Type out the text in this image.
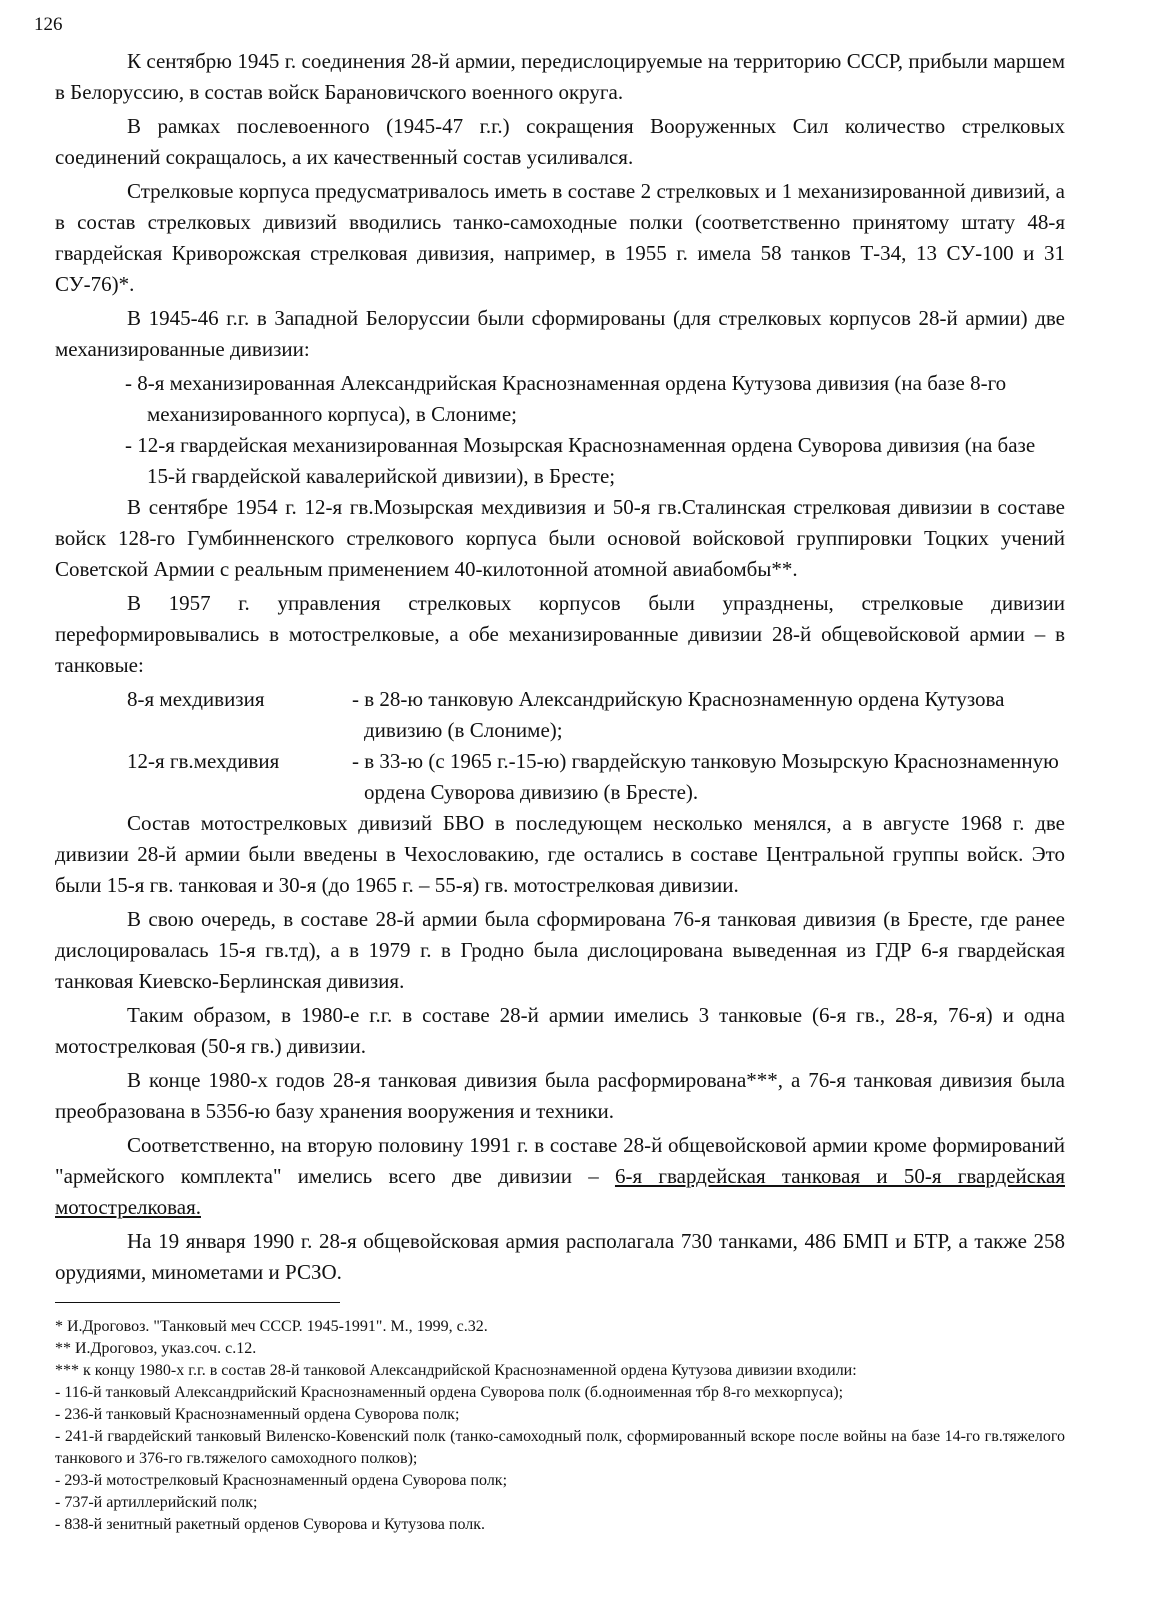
126

К сентябрю 1945 г. соединения 28-й армии, передислоцируемые на территорию СССР, прибыли маршем в Белоруссию, в состав войск Барановичского военного округа.

В рамках послевоенного (1945-47 г.г.) сокращения Вооруженных Сил количество стрелковых соединений сокращалось, а их качественный состав усиливался.

Стрелковые корпуса предусматривалось иметь в составе 2 стрелковых и 1 механизированной дивизий, а в состав стрелковых дивизий вводились танко-самоходные полки (соответственно принятому штату 48-я гвардейская Криворожская стрелковая дивизия, например, в 1955 г. имела 58 танков Т-34, 13 СУ-100 и 31 СУ-76)*.

В 1945-46 г.г. в Западной Белоруссии были сформированы (для стрелковых корпусов 28-й армии) две механизированные дивизии:

- 8-я механизированная Александрийская Краснознаменная ордена Кутузова дивизия (на базе 8-го механизированного корпуса), в Слониме;

- 12-я гвардейская механизированная Мозырская Краснознаменная ордена Суворова дивизия (на базе 15-й гвардейской кавалерийской дивизии), в Бресте;

В сентябре 1954 г. 12-я гв.Мозырская мехдивизия и 50-я гв.Сталинская стрелковая дивизии в составе войск 128-го Гумбинненского стрелкового корпуса были основой войсковой группировки Тоцких учений Советской Армии с реальным применением 40-килотонной атомной авиабомбы**.

В 1957 г. управления стрелковых корпусов были упразднены, стрелковые дивизии переформировывались в мотострелковые, а обе механизированные дивизии 28-й общевойсковой армии – в танковые:

8-я мехдивизия	- в 28-ю танковую Александрийскую Краснознаменную ордена Кутузова дивизию (в Слониме);
12-я гв.мехдивия	- в 33-ю (с 1965 г.-15-ю) гвардейскую танковую Мозырскую Краснознаменную ордена Суворова дивизию (в Бресте).

Состав мотострелковых дивизий БВО в последующем несколько менялся, а в августе 1968 г. две дивизии 28-й армии были введены в Чехословакию, где остались в составе Центральной группы войск. Это были 15-я гв. танковая и 30-я (до 1965 г. – 55-я) гв. мотострелковая дивизии.

В свою очередь, в составе 28-й армии была сформирована 76-я танковая дивизия (в Бресте, где ранее дислоцировалась 15-я гв.тд), а в 1979 г. в Гродно была дислоцирована выведенная из ГДР 6-я гвардейская танковая Киевско-Берлинская дивизия.

Таким образом, в 1980-е г.г. в составе 28-й армии имелись 3 танковые (6-я гв., 28-я, 76-я) и одна мотострелковая (50-я гв.) дивизии.

В конце 1980-х годов 28-я танковая дивизия была расформирована***, а 76-я танковая дивизия была преобразована в 5356-ю базу хранения вооружения и техники.

Соответственно, на вторую половину 1991 г. в составе 28-й общевойсковой армии кроме формирований "армейского комплекта" имелись всего две дивизии – 6-я гвардейская танковая и 50-я гвардейская мотострелковая.

На 19 января 1990 г. 28-я общевойсковая армия располагала 730 танками, 486 БМП и БТР, а также 258 орудиями, минометами и РСЗО.

* И.Дроговоз. "Танковый меч СССР. 1945-1991". М., 1999, с.32.

** И.Дроговоз, указ.соч. с.12.

*** к концу 1980-х г.г. в состав 28-й танковой Александрийской Краснознаменной ордена Кутузова дивизии входили:

- 116-й танковый Александрийский Краснознаменный ордена Суворова полк (б.одноименная тбр 8-го мехкорпуса);

- 236-й танковый Краснознаменный ордена Суворова полк;

- 241-й гвардейский танковый Виленско-Ковенский полк (танко-самоходный полк, сформированный вскоре после войны на базе 14-го гв.тяжелого танкового и 376-го гв.тяжелого самоходного полков);

- 293-й мотострелковый Краснознаменный ордена Суворова полк;

- 737-й артиллерийский полк;

- 838-й зенитный ракетный орденов Суворова и Кутузова полк.
